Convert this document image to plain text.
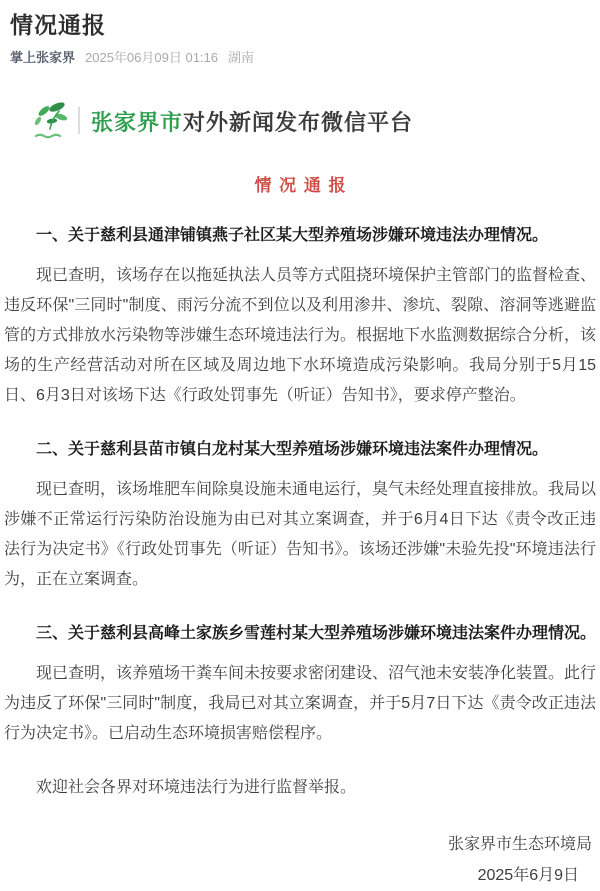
情况通报
掌上张家界 2025年06月09日 01:16 湖南
张家界市对外新闻发布微信平台
情况通报

一、关于慈利县通津铺镇燕子社区某大型养殖场涉嫌环境违法办理情况。

现已查明，该场存在以拖延执法人员等方式阻挠环境保护主管部门的监督检查、违反环保"三同时"制度、雨污分流不到位以及利用渗井、渗坑、裂隙、溶洞等逃避监管的方式排放水污染物等涉嫌生态环境违法行为。根据地下水监测数据综合分析，该场的生产经营活动对所在区域及周边地下水环境造成污染影响。我局分别于5月15日、6月3日对该场下达《行政处罚事先（听证）告知书》，要求停产整治。

二、关于慈利县苗市镇白龙村某大型养殖场涉嫌环境违法案件办理情况。

现已查明，该场堆肥车间除臭设施未通电运行，臭气未经处理直接排放。我局以涉嫌不正常运行污染防治设施为由已对其立案调查，并于6月4日下达《责令改正违法行为决定书》《行政处罚事先（听证）告知书》。该场还涉嫌"未验先投"环境违法行为，正在立案调查。

三、关于慈利县高峰土家族乡雪莲村某大型养殖场涉嫌环境违法案件办理情况。

现已查明，该养殖场干粪车间未按要求密闭建设、沼气池未安装净化装置。此行为违反了环保"三同时"制度，我局已对其立案调查，并于5月7日下达《责令改正违法行为决定书》。已启动生态环境损害赔偿程序。

欢迎社会各界对环境违法行为进行监督举报。

张家界市生态环境局
2025年6月9日
